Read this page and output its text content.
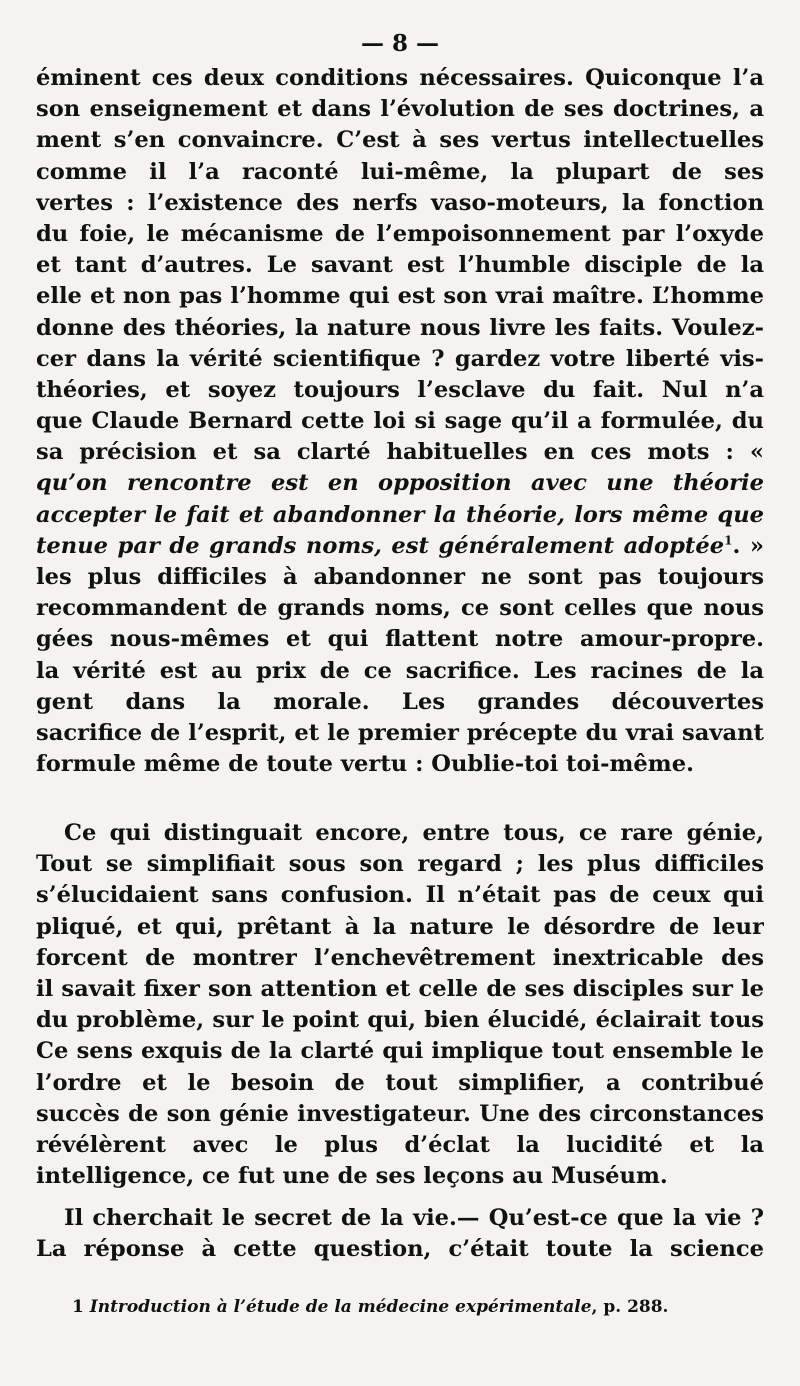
— 8 —
éminent ces deux conditions nécessaires. Quiconque l’a
son enseignement et dans l’évolution de ses doctrines, a
ment s’en convaincre. C’est à ses vertus intellectuelles
comme il l’a raconté lui-même, la plupart de ses
vertes : l’existence des nerfs vaso-moteurs, la fonction
du foie, le mécanisme de l’empoisonnement par l’oxyde
et tant d’autres. Le savant est l’humble disciple de la
elle et non pas l’homme qui est son vrai maître. L’homme
donne des théories, la nature nous livre les faits. Voulez-
cer dans la vérité scientifique ? gardez votre liberté vis-
théories, et soyez toujours l’esclave du fait. Nul n’a
que Claude Bernard cette loi si sage qu’il a formulée, du
sa précision et sa clarté habituelles en ces mots : «
qu’on rencontre est en opposition avec une théorie
accepter le fait et abandonner la théorie, lors même que
tenue par de grands noms, est généralement adoptée$^1$. »
les plus difficiles à abandonner ne sont pas toujours
recommandent de grands noms, ce sont celles que nous
gées nous-mêmes et qui flattent notre amour-propre.
la vérité est au prix de ce sacrifice. Les racines de la
gent dans la morale. Les grandes découvertes
sacrifice de l’esprit, et le premier précepte du vrai savant
formule même de toute vertu : Oublie-toi toi-même.
Ce qui distinguait encore, entre tous, ce rare génie,
Tout se simplifiait sous son regard ; les plus difficiles
s’élucidaient sans confusion. Il n’était pas de ceux qui
pliqué, et qui, prêtant à la nature le désordre de leur
forcent de montrer l’enchevêtrement inextricable des
il savait fixer son attention et celle de ses disciples sur le
du problème, sur le point qui, bien élucidé, éclairait tous
Ce sens exquis de la clarté qui implique tout ensemble le
l’ordre et le besoin de tout simplifier, a contribué
succès de son génie investigateur. Une des circonstances
révélèrent avec le plus d’éclat la lucidité et la
intelligence, ce fut une de ses leçons au Muséum.
Il cherchait le secret de la vie.— Qu’est-ce que la vie ?
La réponse à cette question, c’était toute la science
1 Introduction à l’étude de la médecine expérimentale, p. 288.
